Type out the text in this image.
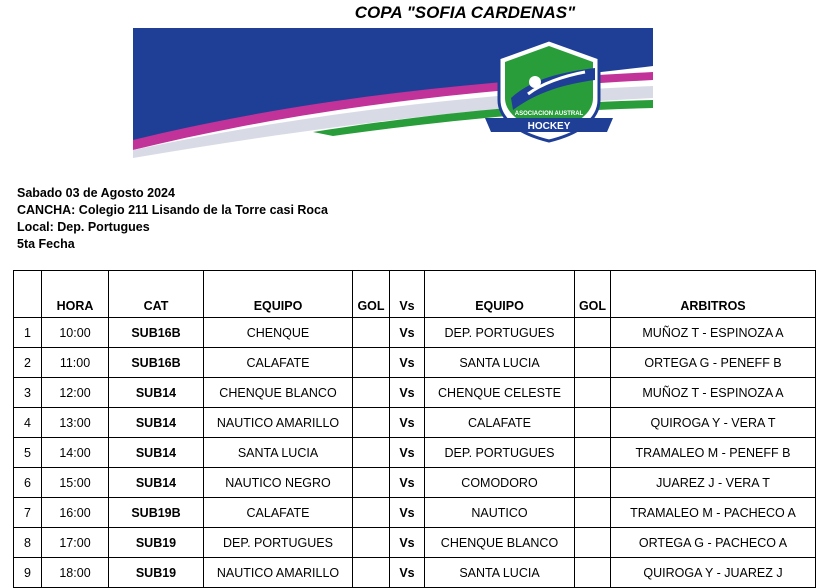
COPA "SOFIA CARDENAS"
ASOCIACION AUSTRAL
HOCKEY
Sabado 03 de Agosto 2024
CANCHA: Colegio 211 Lisando de la Torre casi Roca
Local: Dep. Portugues
5ta Fecha
	HORA	CAT	EQUIPO	GOL	Vs	EQUIPO	GOL	ARBITROS
1	10:00	SUB16B	CHENQUE		Vs	DEP. PORTUGUES		MUÑOZ T - ESPINOZA A
2	11:00	SUB16B	CALAFATE		Vs	SANTA LUCIA		ORTEGA G - PENEFF B
3	12:00	SUB14	CHENQUE BLANCO		Vs	CHENQUE CELESTE		MUÑOZ T - ESPINOZA A
4	13:00	SUB14	NAUTICO AMARILLO		Vs	CALAFATE		QUIROGA Y - VERA T
5	14:00	SUB14	SANTA LUCIA		Vs	DEP. PORTUGUES		TRAMALEO M - PENEFF B
6	15:00	SUB14	NAUTICO NEGRO		Vs	COMODORO		JUAREZ J - VERA T
7	16:00	SUB19B	CALAFATE		Vs	NAUTICO		TRAMALEO M - PACHECO A
8	17:00	SUB19	DEP. PORTUGUES		Vs	CHENQUE BLANCO		ORTEGA G - PACHECO A
9	18:00	SUB19	NAUTICO AMARILLO		Vs	SANTA LUCIA		QUIROGA Y - JUAREZ J
